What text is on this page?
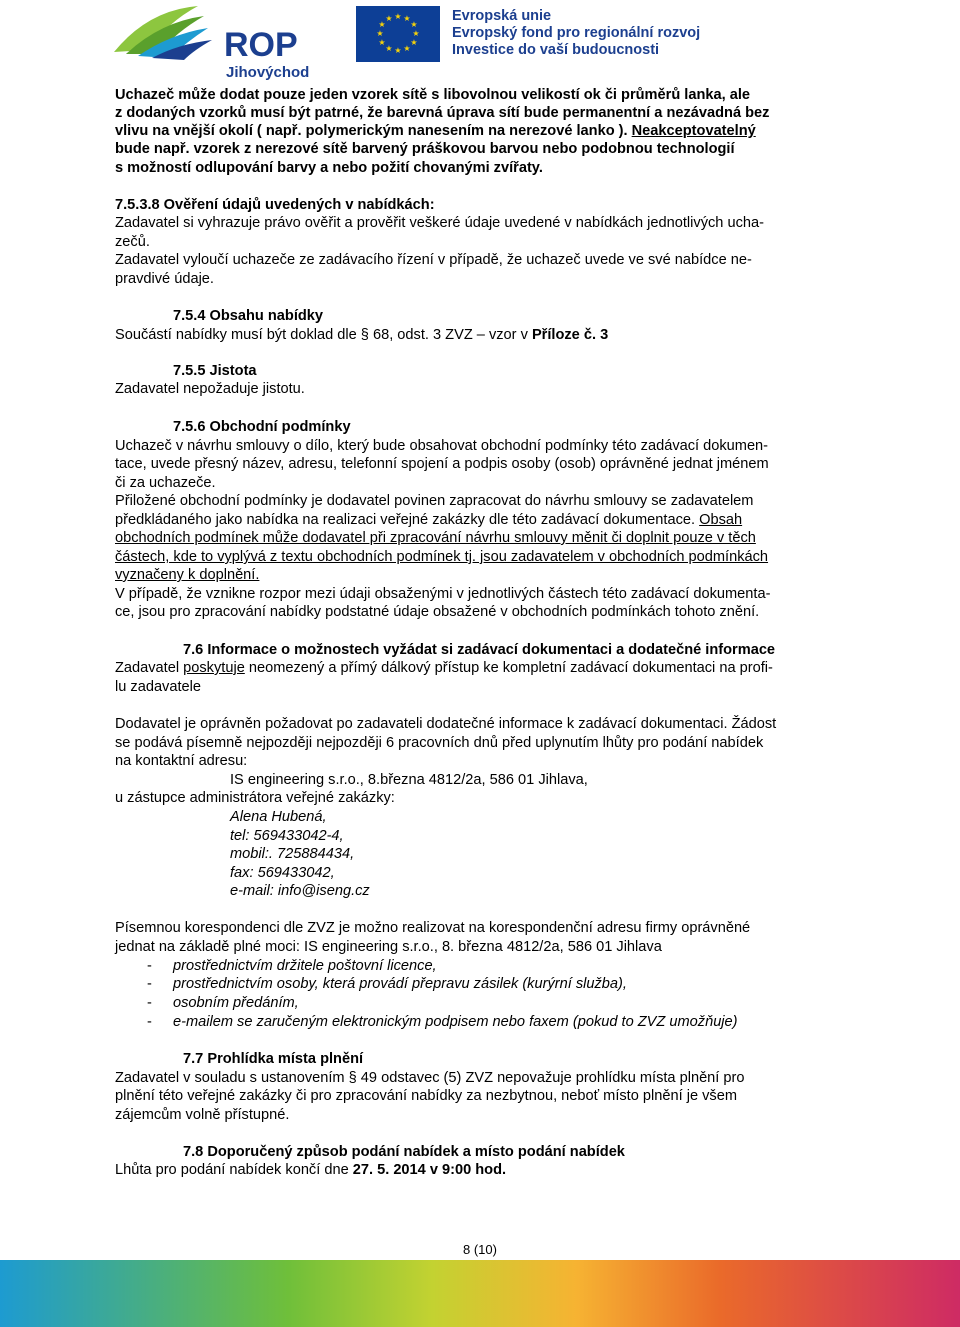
ROP
Jihovýchod
★ ★
★
★
★
★
★
★
★
★
★
★	Evropská unie
Evropský fond pro regionální rozvoj
Investice do vaší budoucnosti
Uchazeč může dodat pouze jeden vzorek sítě s libovolnou velikostí ok či průměrů lanka, ale
z dodaných vzorků musí být patrné, že barevná úprava sítí bude permanentní a nezávadná bez
vlivu na vnější okolí ( např. polymerickým nanesením na nerezové lanko ). Neakceptovatelný
bude např. vzorek z nerezové sítě barvený práškovou barvou nebo podobnou technologií
s možností odlupování barvy a nebo požití chovanými zvířaty.
7.5.3.8 Ověření údajů uvedených v nabídkách:
Zadavatel si vyhrazuje právo ověřit a prověřit veškeré údaje uvedené v nabídkách jednotlivých ucha-
zečů.
Zadavatel vyloučí uchazeče ze zadávacího řízení v případě, že uchazeč uvede ve své nabídce ne-
pravdivé údaje.
7.5.4 Obsahu nabídky
Součástí nabídky musí být doklad dle § 68, odst. 3 ZVZ – vzor v Příloze č. 3
7.5.5 Jistota
Zadavatel nepožaduje jistotu.
7.5.6 Obchodní podmínky
Uchazeč v návrhu smlouvy o dílo, který bude obsahovat obchodní podmínky této zadávací dokumen-
tace, uvede přesný název, adresu, telefonní spojení a podpis osoby (osob) oprávněné jednat jménem
či za uchazeče.
Přiložené obchodní podmínky je dodavatel povinen zapracovat do návrhu smlouvy se zadavatelem
předkládaného jako nabídka na realizaci veřejné zakázky dle této zadávací dokumentace. Obsah
obchodních podmínek může dodavatel při zpracování návrhu smlouvy měnit či doplnit pouze v těch
částech, kde to vyplývá z textu obchodních podmínek tj. jsou zadavatelem v obchodních podmínkách
vyznačeny k doplnění.
V případě, že vznikne rozpor mezi údaji obsaženými v jednotlivých částech této zadávací dokumenta-
ce, jsou pro zpracování nabídky podstatné údaje obsažené v obchodních podmínkách tohoto znění.
7.6 Informace o možnostech vyžádat si zadávací dokumentaci a dodatečné informace
Zadavatel poskytuje neomezený a přímý dálkový přístup ke kompletní zadávací dokumentaci na profi-
lu zadavatele
Dodavatel je oprávněn požadovat po zadavateli dodatečné informace k zadávací dokumentaci. Žádost
se podává písemně nejpozději nejpozději 6 pracovních dnů před uplynutím lhůty pro podání nabídek
na kontaktní adresu:
IS engineering s.r.o., 8.března 4812/2a, 586 01 Jihlava,
u zástupce administrátora veřejné zakázky:
Alena Hubená,
tel: 569433042-4,
mobil:. 725884434,
fax: 569433042,
e-mail: info@iseng.cz
Písemnou korespondenci dle ZVZ je možno realizovat na korespondenční adresu firmy oprávněné
jednat na základě plné moci: IS engineering s.r.o., 8. března 4812/2a, 586 01 Jihlava
- prostřednictvím držitele poštovní licence,
- prostřednictvím osoby, která provádí přepravu zásilek (kurýrní služba),
- osobním předáním,
- e-mailem se zaručeným elektronickým podpisem nebo faxem (pokud to ZVZ umožňuje)
7.7 Prohlídka místa plnění
Zadavatel v souladu s ustanovením § 49 odstavec (5) ZVZ nepovažuje prohlídku místa plnění pro
plnění této veřejné zakázky či pro zpracování nabídky za nezbytnou, neboť místo plnění je všem
zájemcům volně přístupné.
7.8 Doporučený způsob podání nabídek a místo podání nabídek
Lhůta pro podání nabídek končí dne 27. 5. 2014 v 9:00 hod.
8 (10)
